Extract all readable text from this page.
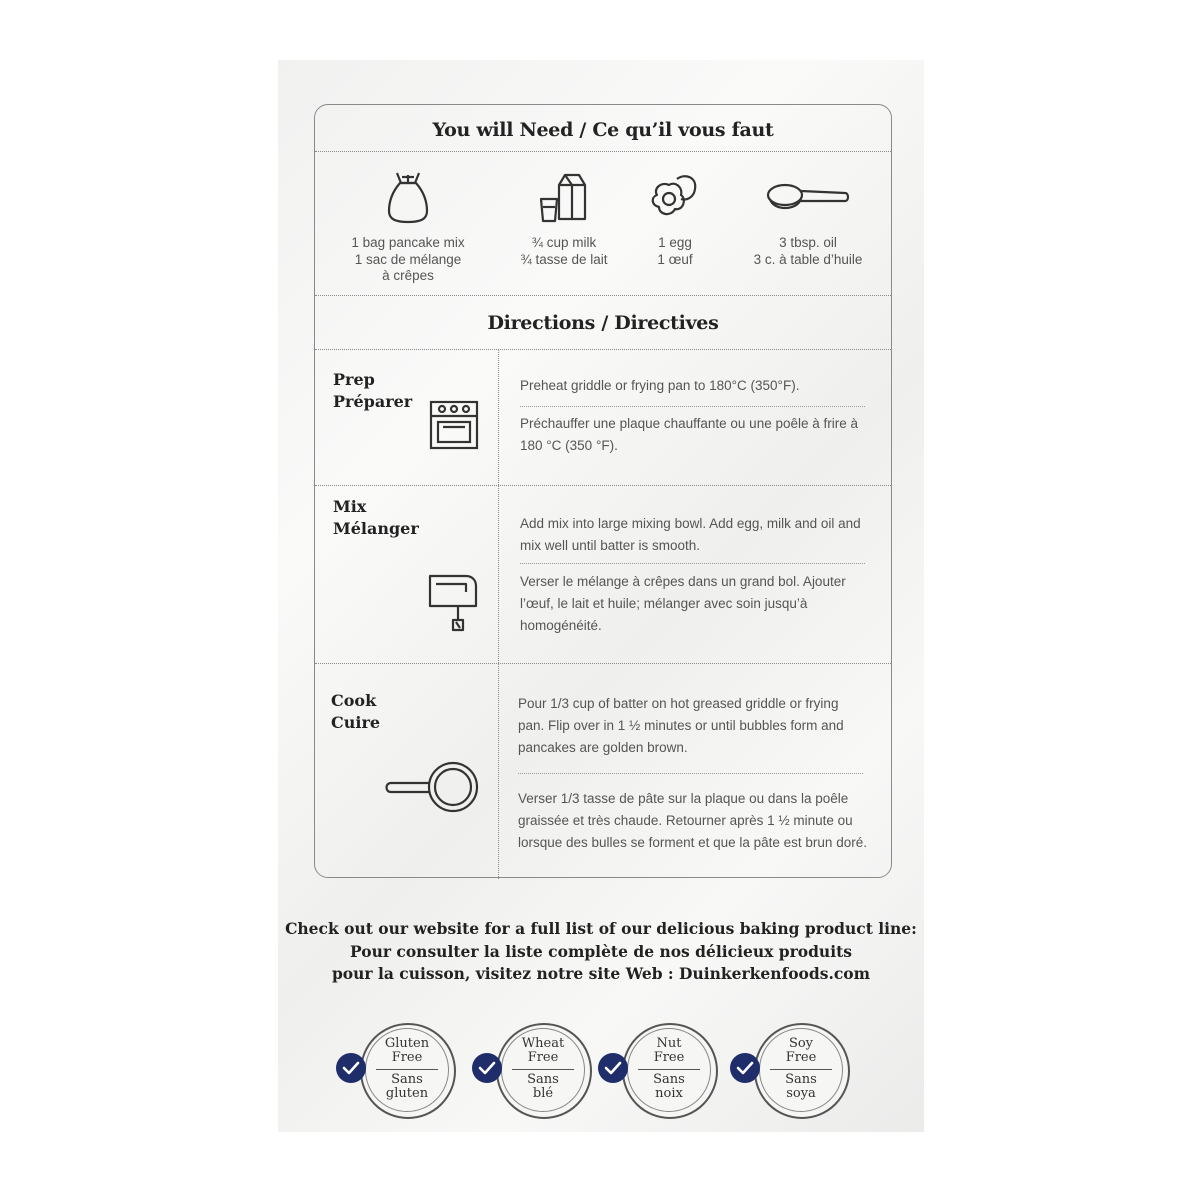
You will Need / Ce qu’il vous faut
1 bag pancake mix
1 sac de mélange
à crêpes
¾ cup milk
¾ tasse de lait
1 egg
1 œuf
3 tbsp. oil
3 c. à table d’huile
Directions / Directives
Prep
Préparer
Preheat griddle or frying pan to 180°C (350°F).
Préchauffer une plaque chauffante ou une poêle à frire à 180 °C (350 °F).
Mix
Mélanger	Add mix into large mixing bowl. Add egg, milk and oil and mix well until batter is smooth.
Verser le mélange à crêpes dans un grand bol. Ajouter l’œuf, le lait et huile; mélanger avec soin jusqu’à homogénéité.
Cook
Cuire
Pour 1/3 cup of batter on hot greased griddle or frying pan. Flip over in 1 ½ minutes or until bubbles form and pancakes are golden brown.
Verser 1/3 tasse de pâte sur la plaque ou dans la poêle graissée et très chaude. Retourner après 1 ½ minute ou lorsque des bulles se forment et que la pâte est brun doré.
Check out our website for a full list of our delicious baking product line:
Pour consulter la liste complète de nos délicieux produits
pour la cuisson, visitez notre site Web : Duinkerkenfoods.com
Gluten
Free
Sans
gluten
Wheat
Free
Sans
blé
Nut
Free
Sans
noix
Soy
Free
Sans
soya
